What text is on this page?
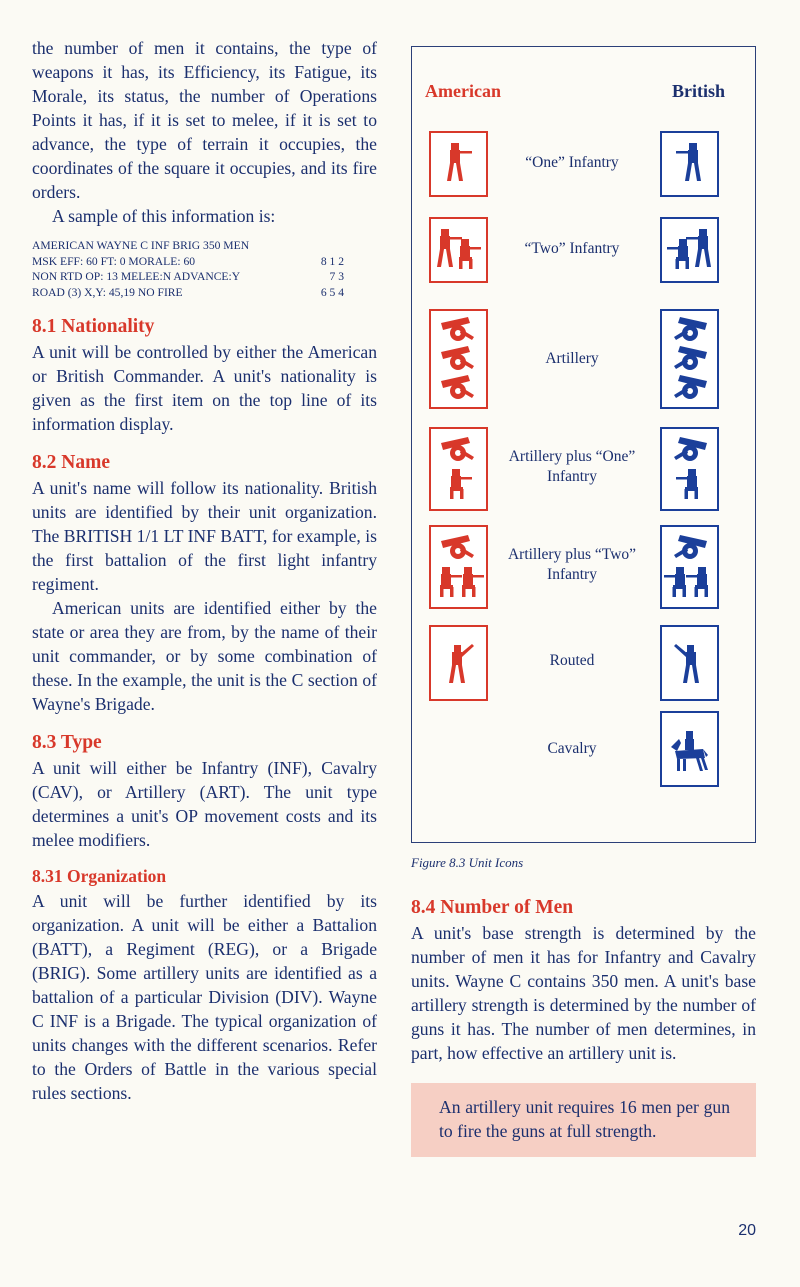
the number of men it contains, the type of weapons it has, its Efficiency, its Fatigue, its Morale, its status, the number of Operations Points it has, if it is set to melee, if it is set to advance, the type of terrain it occupies, the coordinates of the square it occupies, and its fire orders.

A sample of this information is:

AMERICAN WAYNE C INF BRIG 350 MEN
MSK EFF: 60 FT: 0 MORALE: 60	8 1 2
NON RTD OP: 13 MELEE:N ADVANCE:Y	7 3
ROAD (3) X,Y: 45,19 NO FIRE	6 5 4
8.1 Nationality

A unit will be controlled by either the American or British Commander. A unit's nationality is given as the first item on the top line of its information display.

8.2 Name

A unit's name will follow its nationality. British units are identified by their unit organization. The BRITISH 1/1 LT INF BATT, for example, is the first battalion of the first light infantry regiment.

American units are identified either by the state or area they are from, by the name of their unit commander, or by some combination of these. In the example, the unit is the C section of Wayne's Brigade.

8.3 Type

A unit will either be Infantry (INF), Cavalry (CAV), or Artillery (ART). The unit type determines a unit's OP movement costs and its melee modifiers.

8.31 Organization

A unit will be further identified by its organization. A unit will be either a Battalion (BATT), a Regiment (REG), or a Brigade (BRIG). Some artillery units are identified as a battalion of a particular Division (DIV). Wayne C INF is a Brigade. The typical organization of units changes with the different scenarios. Refer to the Orders of Battle in the various special rules sections.

American	British
“One” Infantry
“Two” Infantry
Artillery
Artillery plus “One” Infantry
Artillery plus “Two” Infantry
Routed
Cavalry
Figure 8.3 Unit Icons
8.4 Number of Men

A unit's base strength is determined by the number of men it has for Infantry and Cavalry units. Wayne C contains 350 men. A unit's base artillery strength is determined by the number of guns it has. The number of men determines, in part, how effective an artillery unit is.

An artillery unit requires 16 men per gun to fire the guns at full strength.
20
